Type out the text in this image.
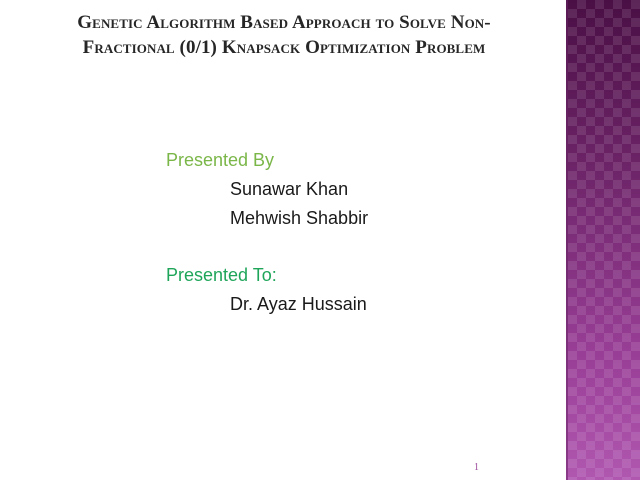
Genetic Algorithm Based Approach to Solve Non-
Fractional (0/1) Knapsack Optimization Problem
Presented By
Sunawar Khan
Mehwish Shabbir
Presented To:
Dr. Ayaz Hussain
1
